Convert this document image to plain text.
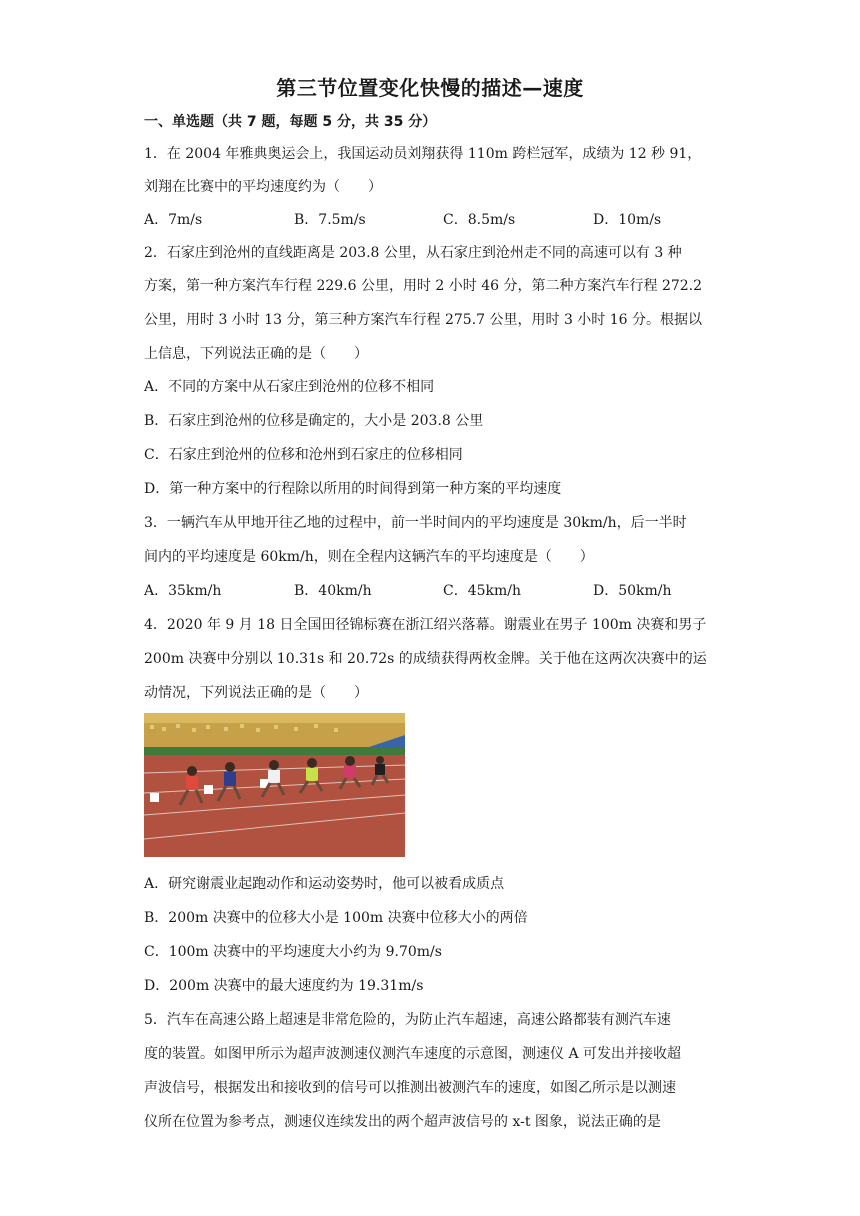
第三节位置变化快慢的描述—速度
一、单选题（共 7 题，每题 5 分，共 35 分）
1．在 2004 年雅典奥运会上，我国运动员刘翔获得 110m 跨栏冠军，成绩为 12 秒 91，
刘翔在比赛中的平均速度约为（　　）
A．7m/s	B．7.5m/s	C．8.5m/s	D．10m/s
2．石家庄到沧州的直线距离是 203.8 公里，从石家庄到沧州走不同的高速可以有 3 种
方案，第一种方案汽车行程 229.6 公里，用时 2 小时 46 分，第二种方案汽车行程 272.2
公里，用时 3 小时 13 分，第三种方案汽车行程 275.7 公里，用时 3 小时 16 分。根据以
上信息，下列说法正确的是（　　）
A．不同的方案中从石家庄到沧州的位移不相同
B．石家庄到沧州的位移是确定的，大小是 203.8 公里
C．石家庄到沧州的位移和沧州到石家庄的位移相同
D．第一种方案中的行程除以所用的时间得到第一种方案的平均速度
3．一辆汽车从甲地开往乙地的过程中，前一半时间内的平均速度是 30km/h，后一半时
间内的平均速度是 60km/h，则在全程内这辆汽车的平均速度是（　　）
A．35km/h	B．40km/h	C．45km/h	D．50km/h
4．2020 年 9 月 18 日全国田径锦标赛在浙江绍兴落幕。谢震业在男子 100m 决赛和男子
200m 决赛中分别以 10.31s 和 20.72s 的成绩获得两枚金牌。关于他在这两次决赛中的运
动情况，下列说法正确的是（　　）
A．研究谢震业起跑动作和运动姿势时，他可以被看成质点
B．200m 决赛中的位移大小是 100m 决赛中位移大小的两倍
C．100m 决赛中的平均速度大小约为 9.70m/s
D．200m 决赛中的最大速度约为 19.31m/s
5．汽车在高速公路上超速是非常危险的，为防止汽车超速，高速公路都装有测汽车速
度的装置。如图甲所示为超声波测速仪测汽车速度的示意图，测速仪 A 可发出并接收超
声波信号，根据发出和接收到的信号可以推测出被测汽车的速度，如图乙所示是以测速
仪所在位置为参考点，测速仪连续发出的两个超声波信号的 x-t 图象，说法正确的是
